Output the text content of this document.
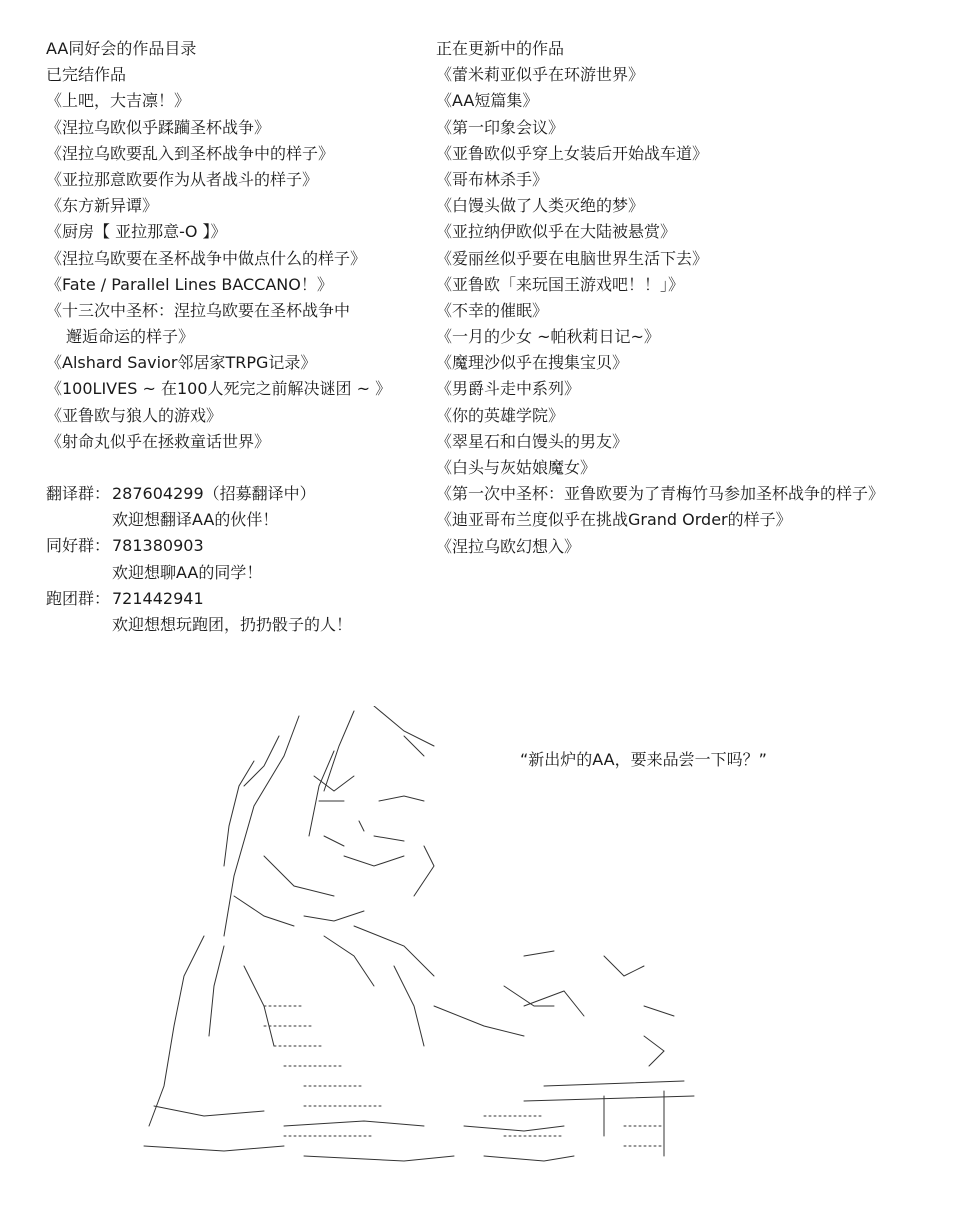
AA同好会的作品目录
已完结作品
《上吧，大吉凛！》
《涅拉乌欧似乎蹂躏圣杯战争》
《涅拉乌欧要乱入到圣杯战争中的样子》
《亚拉那意欧要作为从者战斗的样子》
《东方新异谭》
《厨房【 亚拉那意-O 】》
《涅拉乌欧要在圣杯战争中做点什么的样子》
《Fate / Parallel Lines BACCANO！》
《十三次中圣杯：涅拉乌欧要在圣杯战争中
邂逅命运的样子》
《Alshard Savior邻居家TRPG记录》
《100LIVES ~ 在100人死完之前解决谜团 ~ 》
《亚鲁欧与狼人的游戏》
《射命丸似乎在拯救童话世界》
翻译群： 287604299（招募翻译中）
欢迎想翻译AA的伙伴！
同好群： 781380903
欢迎想聊AA的同学！
跑团群： 721442941
欢迎想想玩跑团，扔扔骰子的人！
正在更新中的作品
《蕾米莉亚似乎在环游世界》
《AA短篇集》
《第一印象会议》
《亚鲁欧似乎穿上女装后开始战车道》
《哥布林杀手》
《白馒头做了人类灭绝的梦》
《亚拉纳伊欧似乎在大陆被悬赏》
《爱丽丝似乎要在电脑世界生活下去》
《亚鲁欧「来玩国王游戏吧！！」》
《不幸的催眠》
《一月的少女 ~帕秋莉日记~》
《魔理沙似乎在搜集宝贝》
《男爵斗走中系列》
《你的英雄学院》
《翠星石和白馒头的男友》
《白头与灰姑娘魔女》
《第一次中圣杯：亚鲁欧要为了青梅竹马参加圣杯战争的样子》
《迪亚哥布兰度似乎在挑战Grand Order的样子》
《涅拉乌欧幻想入》
“新出炉的AA，要来品尝一下吗？”
